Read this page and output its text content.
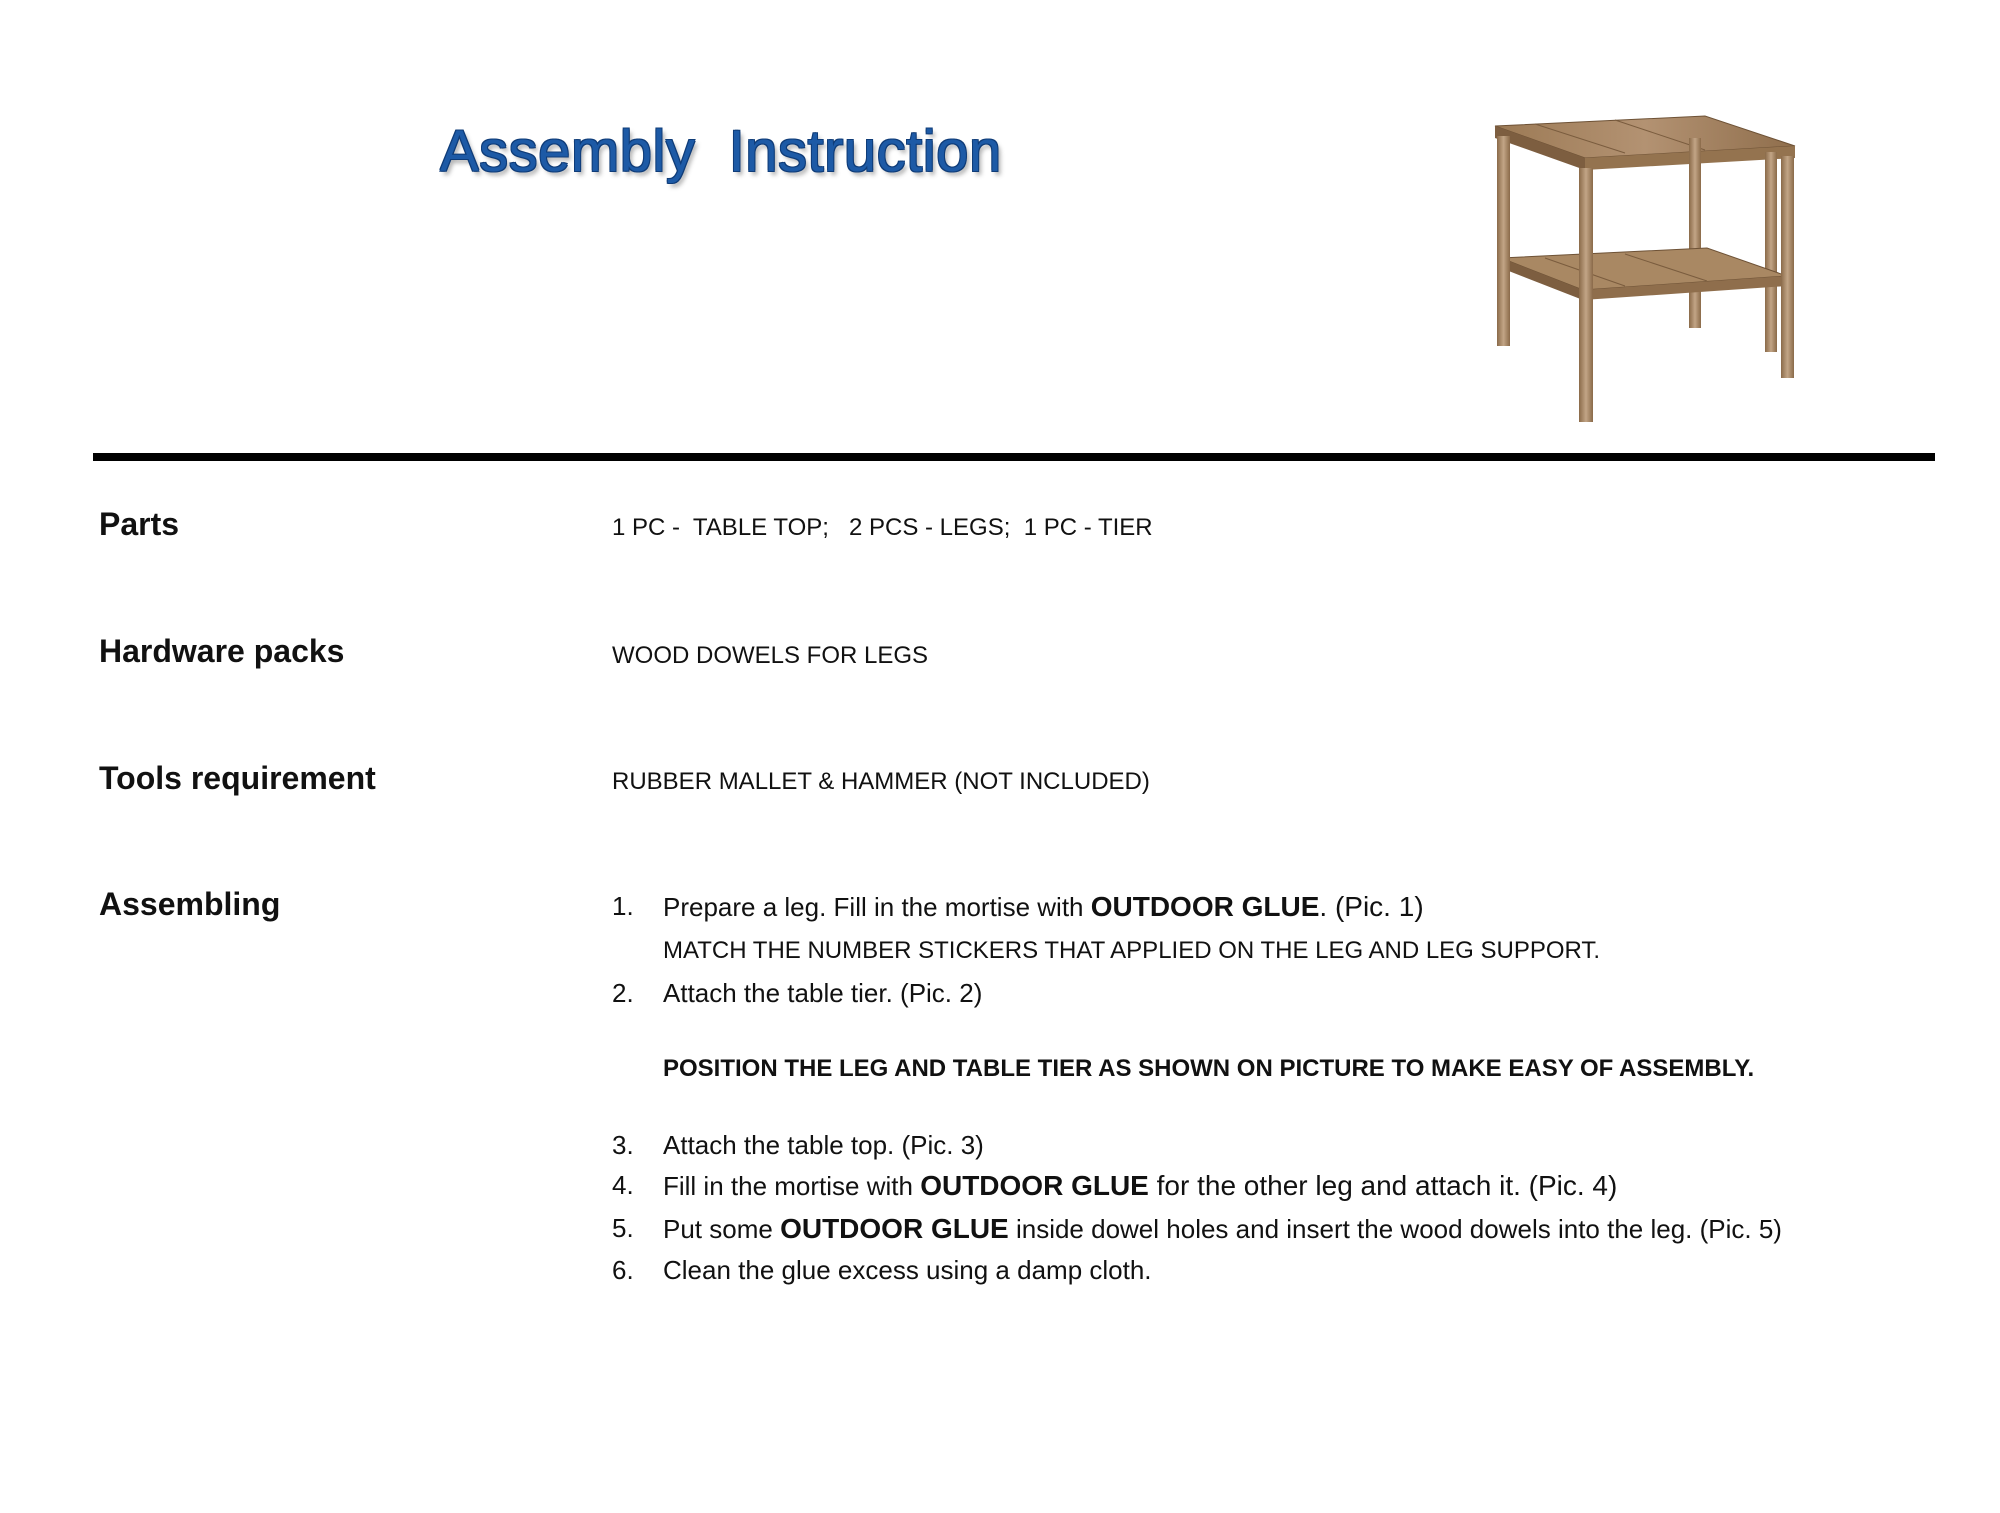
Assembly  Instruction
Parts	1 PC -  TABLE TOP;   2 PCS - LEGS;  1 PC - TIER
Hardware packs	WOOD DOWELS FOR LEGS
Tools requirement	RUBBER MALLET & HAMMER (NOT INCLUDED)
Assembling	1.	Prepare a leg. Fill in the mortise with OUTDOOR GLUE. (Pic. 1)
2.	Attach the table tier. (Pic. 2)
3.	Attach the table top. (Pic. 3)
4.	Fill in the mortise with OUTDOOR GLUE for the other leg and attach it. (Pic. 4)
5.	Put some OUTDOOR GLUE inside dowel holes and insert the wood dowels into the leg. (Pic. 5)
6.	Clean the glue excess using a damp cloth.
MATCH THE NUMBER STICKERS THAT APPLIED ON THE LEG AND LEG SUPPORT.
POSITION THE LEG AND TABLE TIER AS SHOWN ON PICTURE TO MAKE EASY OF ASSEMBLY.
